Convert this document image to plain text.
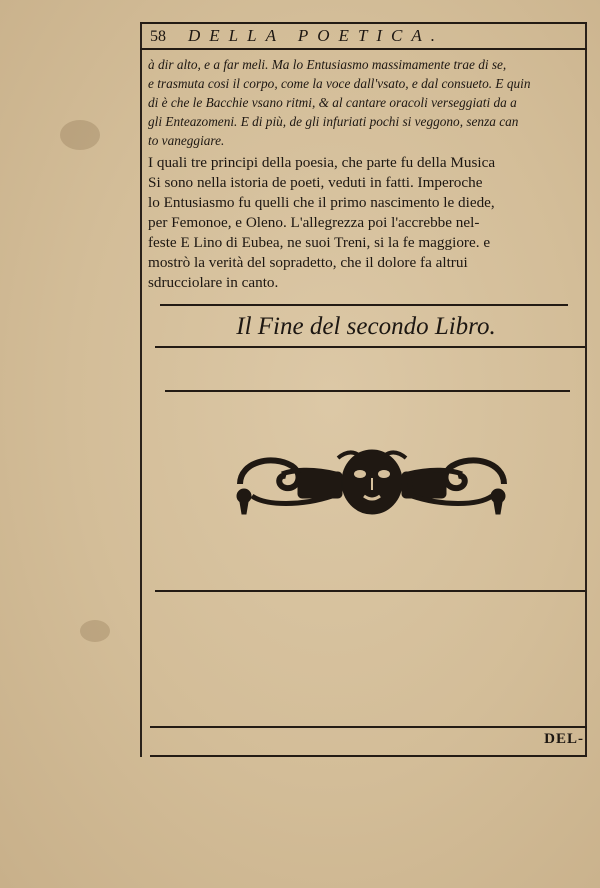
58 DELLA POETICA.
à dir alto, e a far meli. Ma lo Entusiasmo massimamente trae di se,
e trasmuta cosi il corpo, come la voce dall'vsato, e dal consueto. E quin
di è che le Bacchie vsano ritmi, & al cantare oracoli verseggiati da a
gli Enteazomeni. E di più, de gli infuriati pochi si veggono, senza can
to vaneggiare.
I quali tre principi della poesia, che parte fu della Musica
Si sono nella istoria de poeti, veduti in fatti. Imperoche
lo Entusiasmo fu quelli che il primo nascimento le diede,
per Femonoe, e Oleno. L'allegrezza poi l'accrebbe nel-
feste E Lino di Eubea, ne suoi Treni, si la fe maggiore. e
mostrò la verità del sopradetto, che il dolore fa altrui
sdrucciolare in canto.
Il Fine del secondo Libro.
DEL-
